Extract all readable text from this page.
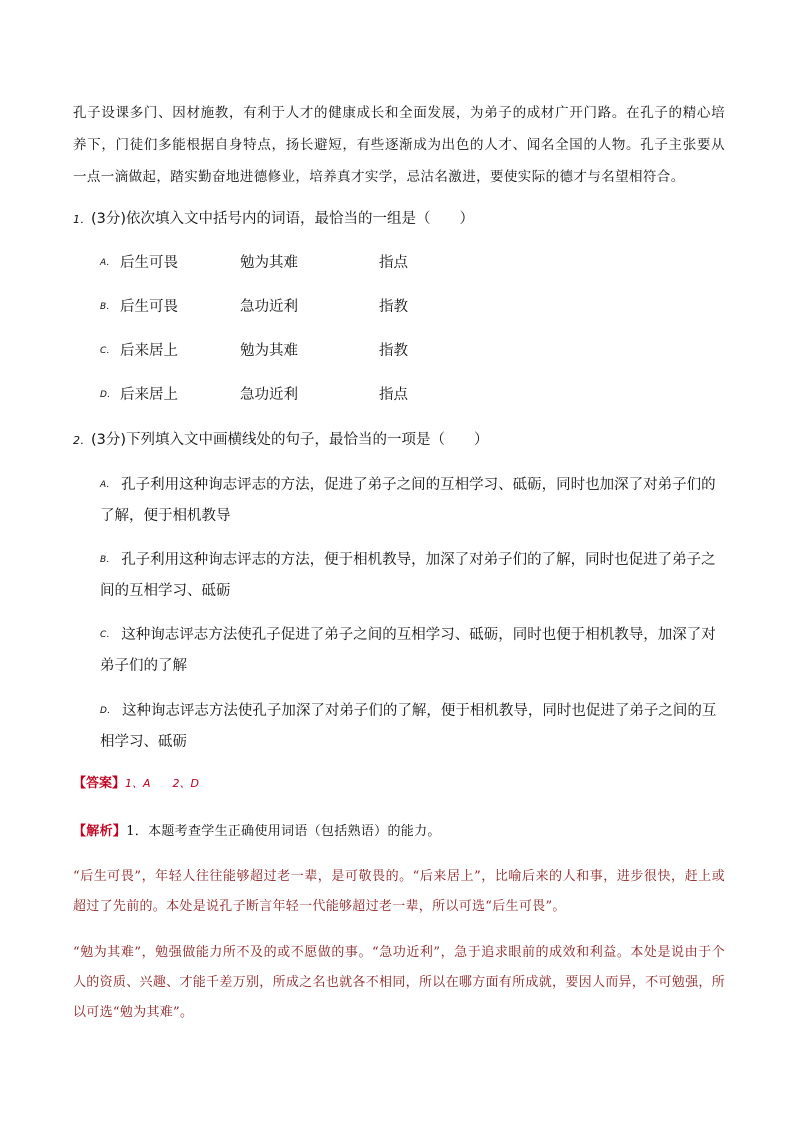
孔子设课多门、因材施教，有利于人才的健康成长和全面发展，为弟子的成材广开门路。在孔子的精心培养下，门徒们多能根据自身特点，扬长避短，有些逐渐成为出色的人才、闻名全国的人物。孔子主张要从一点一滴做起，踏实勤奋地进德修业，培养真才实学，忌沽名激进，要使实际的德才与名望相符合。

1．(3分)依次填入文中括号内的词语，最恰当的一组是（　　）

A． 后生可畏	勉为其难	指点
B． 后生可畏	急功近利	指教
C． 后来居上	勉为其难	指教
D． 后来居上	急功近利	指点

2．(3分)下列填入文中画横线处的句子，最恰当的一项是（　　）

A． 孔子利用这种询志评志的方法，促进了弟子之间的互相学习、砥砺，同时也加深了对弟子们的了解，便于相机教导

B． 孔子利用这种询志评志的方法，便于相机教导，加深了对弟子们的了解，同时也促进了弟子之间的互相学习、砥砺

C． 这种询志评志方法使孔子促进了弟子之间的互相学习、砥砺，同时也便于相机教导，加深了对弟子们的了解

D． 这种询志评志方法使孔子加深了对弟子们的了解，便于相机教导，同时也促进了弟子之间的互相学习、砥砺

【答案】1、A　　2、D

【解析】1．本题考查学生正确使用词语（包括熟语）的能力。

“后生可畏”，年轻人往往能够超过老一辈，是可敬畏的。“后来居上”，比喻后来的人和事，进步很快，赶上或超过了先前的。本处是说孔子断言年轻一代能够超过老一辈，所以可选“后生可畏”。

“勉为其难”，勉强做能力所不及的或不愿做的事。“急功近利”，急于追求眼前的成效和利益。本处是说由于个人的资质、兴趣、才能千差万别，所成之名也就各不相同，所以在哪方面有所成就，要因人而异，不可勉强，所以可选“勉为其难”。
